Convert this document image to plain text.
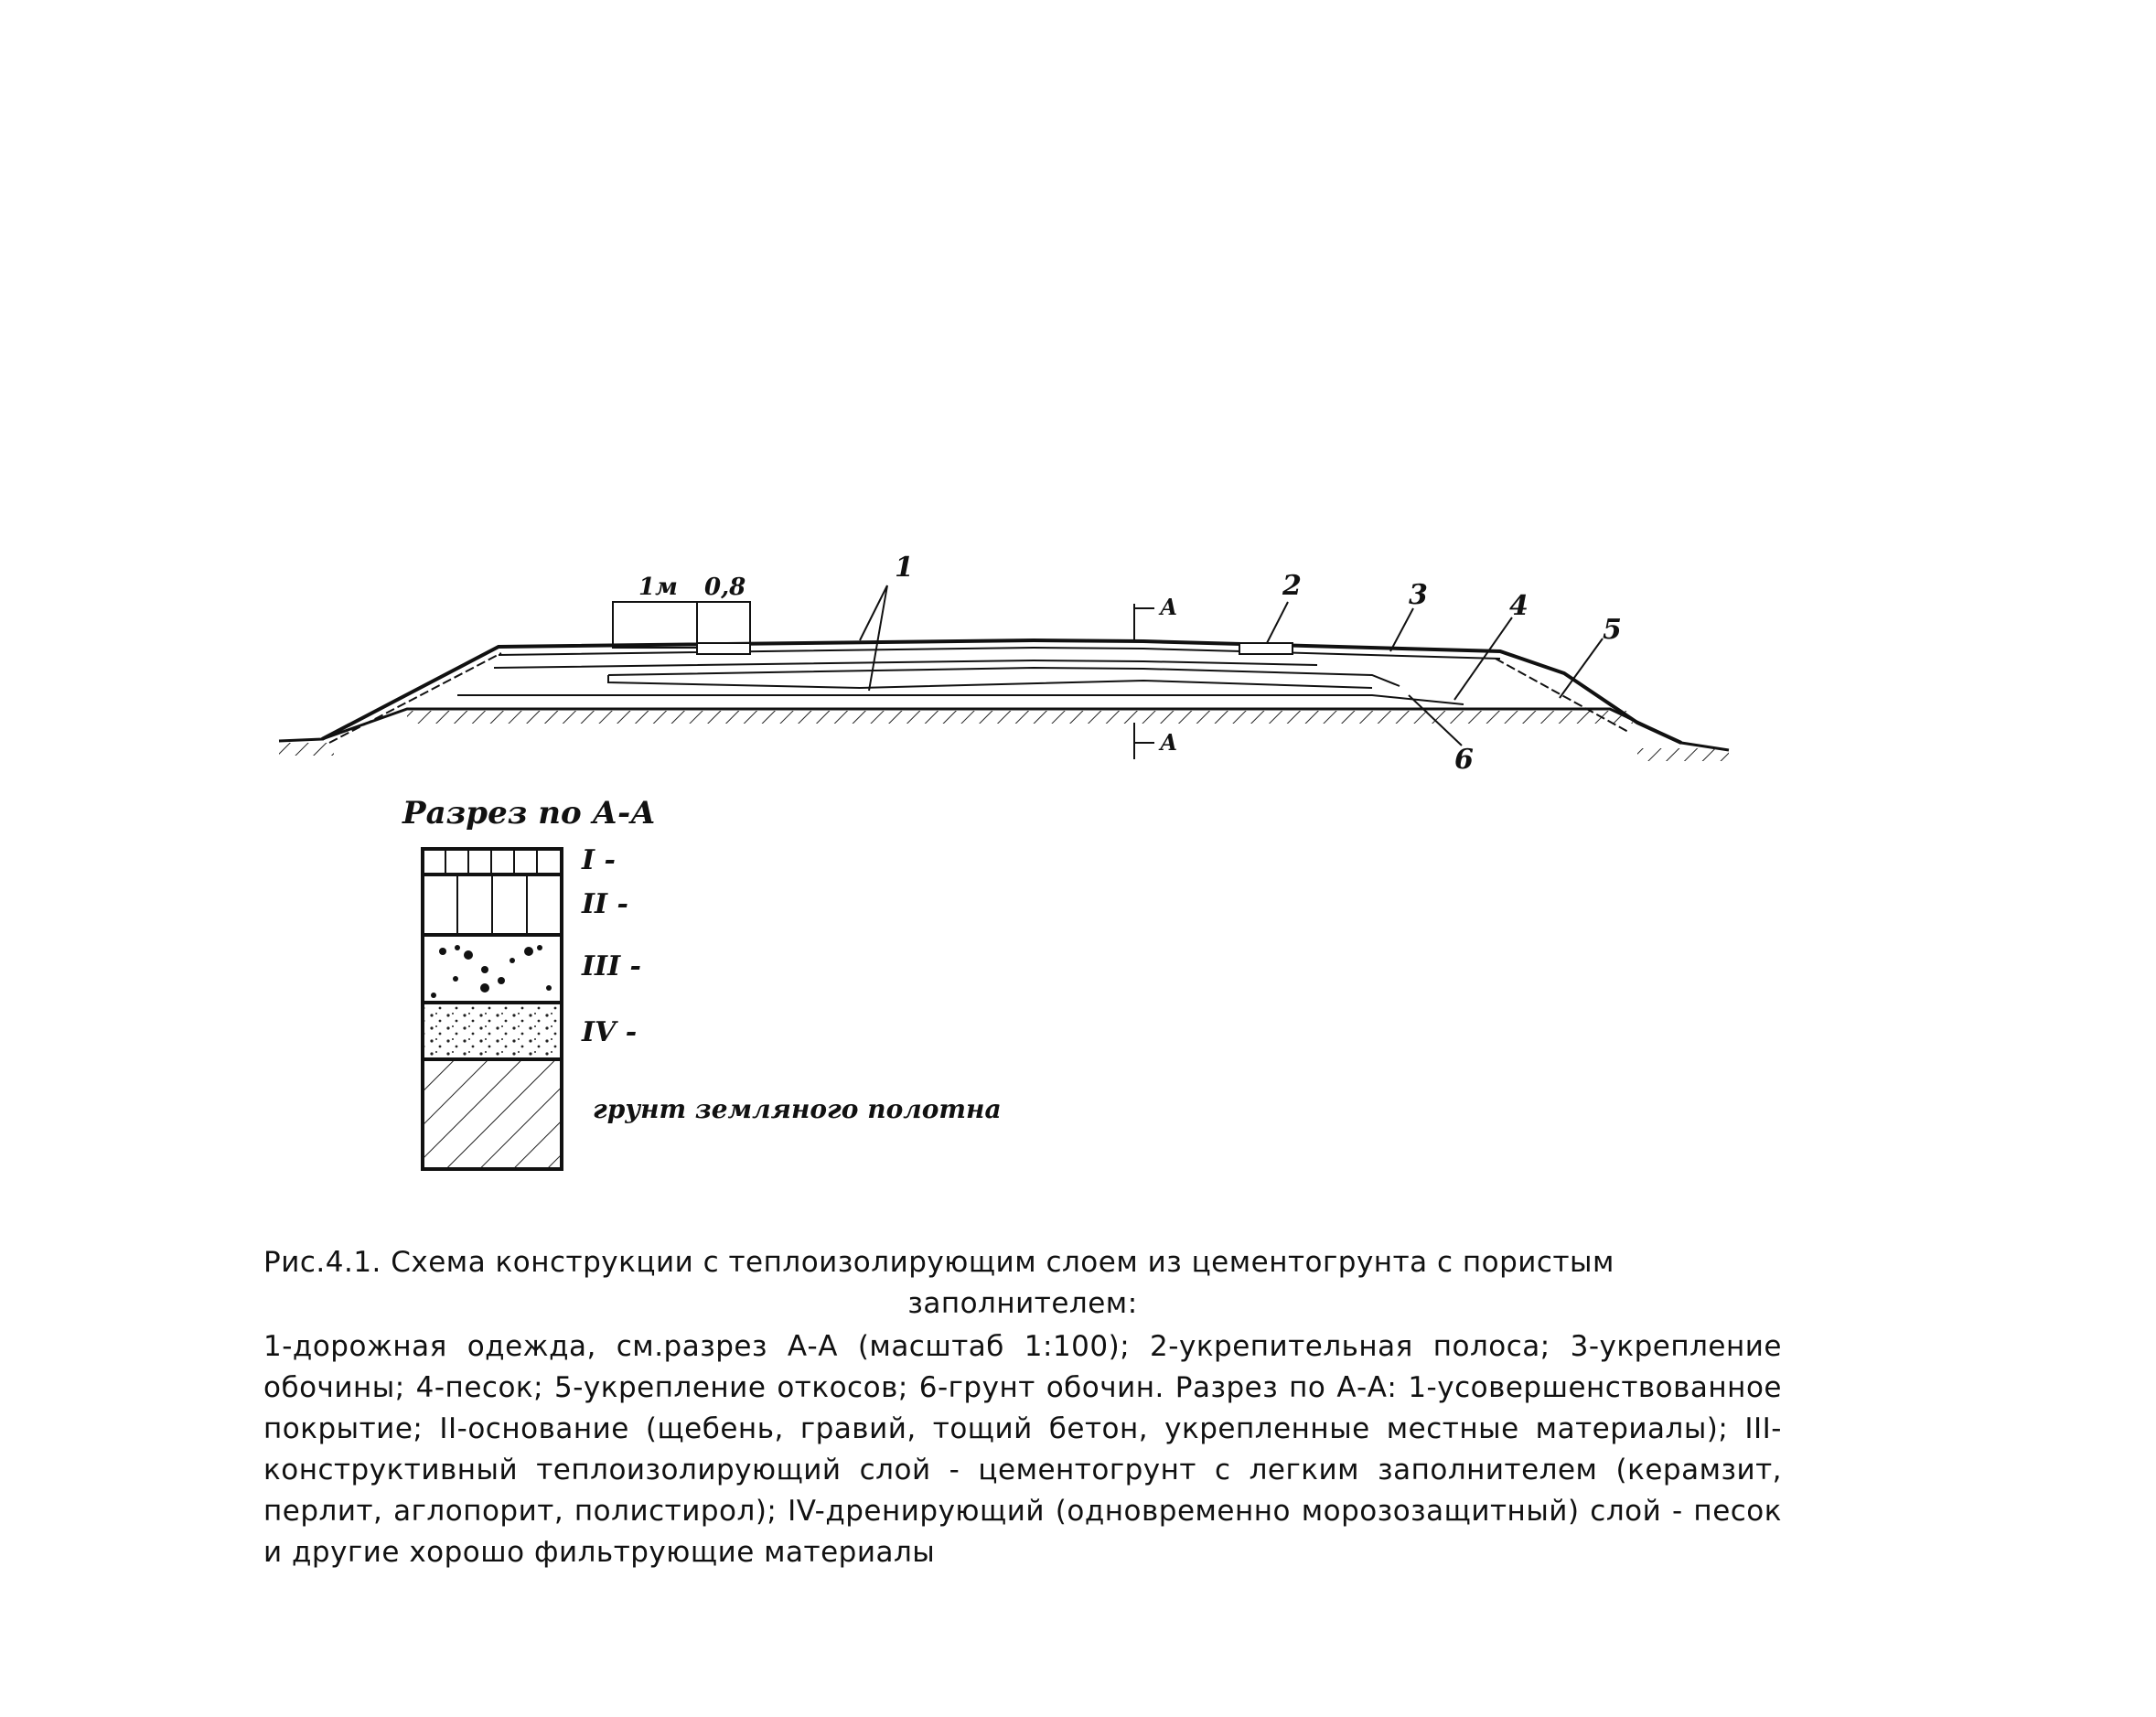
1м 0,8
1
2	3	4
5
6
А
А
Разрез по А-А
I -
II -
III -
IV -
грунт земляного полотна
Рис.4.1. Схема конструкции с теплоизолирующим слоем из цементогрунта с пористым
заполнителем:
1-дорожная одежда, см.разрез А-А (масштаб 1:100); 2-укрепительная полоса; 3-укрепление обочины; 4-песок; 5-укрепление откосов; 6-грунт обочин. Разрез по А-А: 1-усовершенствованное покрытие; II-основание (щебень, гравий, тощий бетон, укрепленные местные материалы); III-конструктивный теплоизолирующий слой - цементогрунт с легким заполнителем (керамзит, перлит, аглопорит, полистирол); IV-дренирующий (одновременно морозозащитный) слой - песок и другие хорошо фильтрующие материалы
